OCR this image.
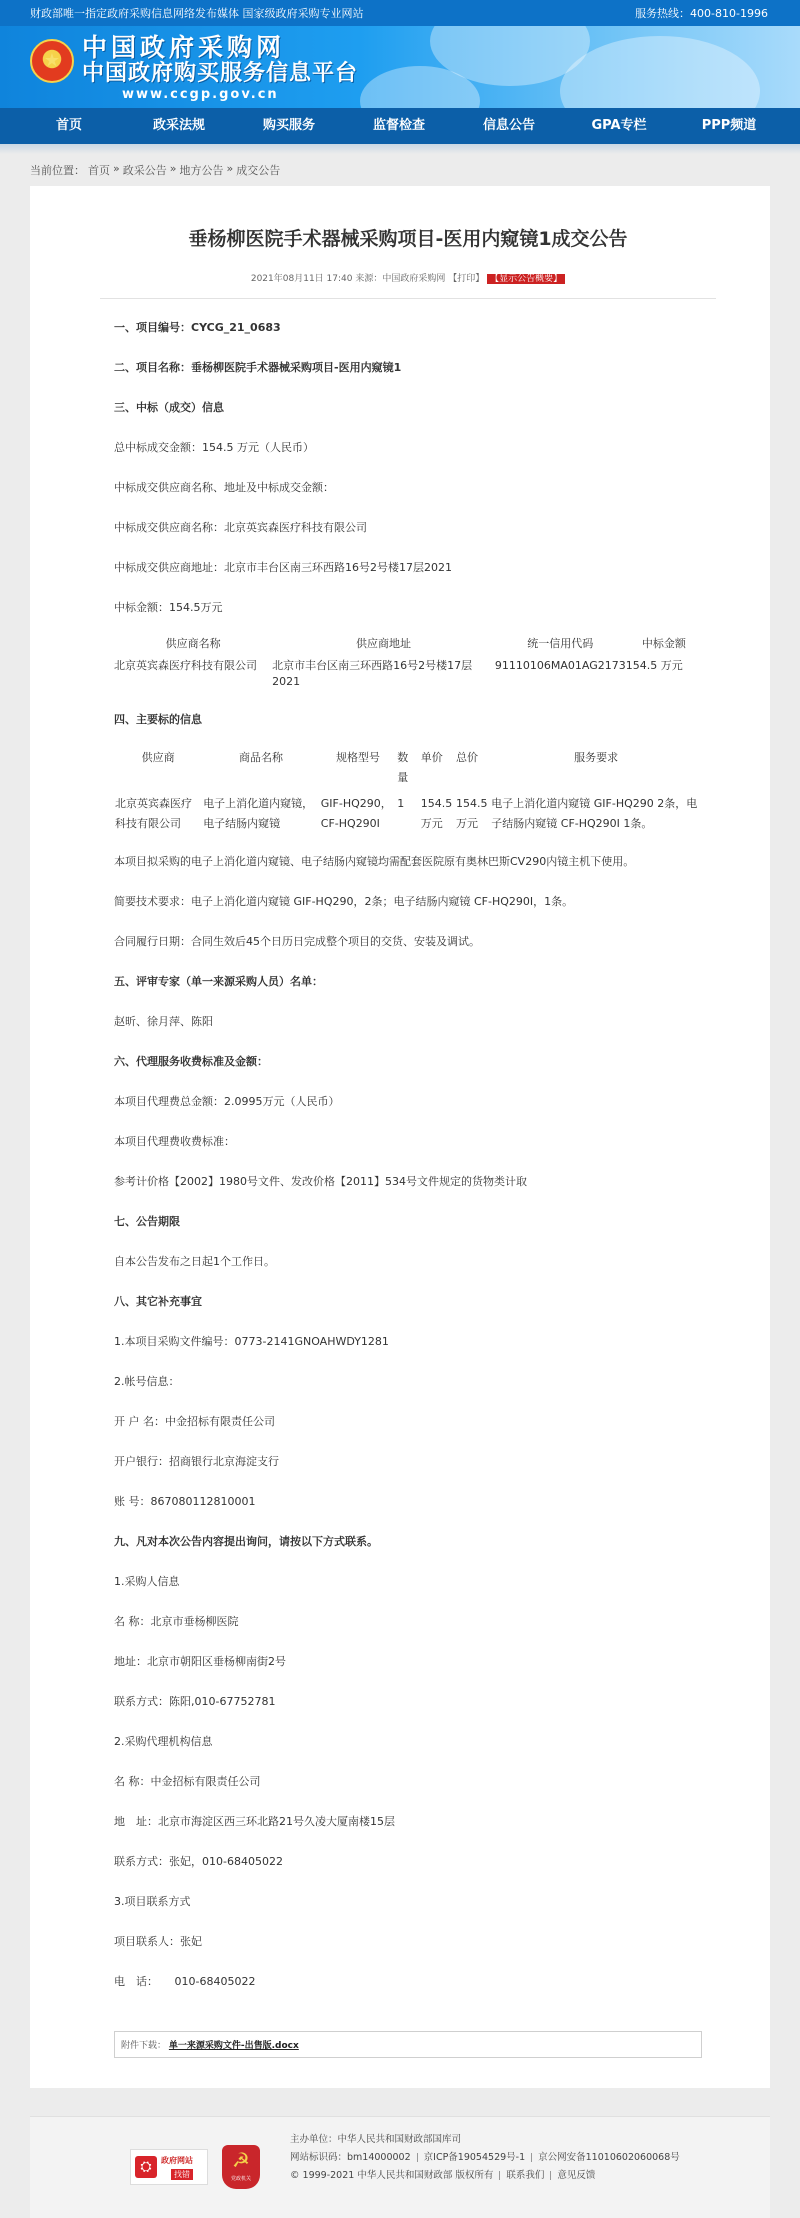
财政部唯一指定政府采购信息网络发布媒体 国家级政府采购专业网站	服务热线：400-810-1996
★ 中国政府采购网
中国政府购买服务信息平台
www.ccgp.gov.cn
首页	政采法规	购买服务	监督检查	信息公告	GPA专栏	PPP频道
当前位置： 首页 » 政采公告 » 地方公告 » 成交公告
垂杨柳医院手术器械采购项目-医用内窥镜1成交公告
2021年08月11日 17:40 来源：中国政府采购网 【打印】 【显示公告概要】

一、项目编号：CYCG_21_0683

二、项目名称：垂杨柳医院手术器械采购项目-医用内窥镜1

三、中标（成交）信息

总中标成交金额：154.5 万元（人民币）

中标成交供应商名称、地址及中标成交金额：

中标成交供应商名称：北京英宾森医疗科技有限公司

中标成交供应商地址：北京市丰台区南三环西路16号2号楼17层2021

中标金额：154.5万元

供应商名称	供应商地址	统一信用代码	中标金额
北京英宾森医疗科技有限公司	北京市丰台区南三环西路16号2号楼17层2021	91110106MA01AG2173	154.5 万元

四、主要标的信息

供应商	商品名称	规格型号	数量	单价	总价	服务要求
北京英宾森医疗科技有限公司	电子上消化道内窥镜，电子结肠内窥镜	GIF-HQ290，CF-HQ290I	1	154.5万元	154.5万元	电子上消化道内窥镜 GIF-HQ290 2条，电子结肠内窥镜 CF-HQ290I 1条。

本项目拟采购的电子上消化道内窥镜、电子结肠内窥镜均需配套医院原有奥林巴斯CV290内镜主机下使用。

简要技术要求：电子上消化道内窥镜 GIF-HQ290，2条；电子结肠内窥镜 CF-HQ290I，1条。

合同履行日期：合同生效后45个日历日完成整个项目的交货、安装及调试。

五、评审专家（单一来源采购人员）名单：

赵昕、徐月萍、陈阳

六、代理服务收费标准及金额：

本项目代理费总金额：2.0995万元（人民币）

本项目代理费收费标准：

参考计价格【2002】1980号文件、发改价格【2011】534号文件规定的货物类计取

七、公告期限

自本公告发布之日起1个工作日。

八、其它补充事宜

1.本项目采购文件编号：0773-2141GNOAHWDY1281

2.帐号信息：

开 户 名：中金招标有限责任公司

开户银行：招商银行北京海淀支行

账 号：867080112810001

九、凡对本次公告内容提出询问，请按以下方式联系。

1.采购人信息

名 称：北京市垂杨柳医院

地址：北京市朝阳区垂杨柳南街2号

联系方式：陈阳,010-67752781

2.采购代理机构信息

名 称：中金招标有限责任公司

地　址：北京市海淀区西三环北路21号久凌大厦南楼15层

联系方式：张妃，010-68405022

3.项目联系方式

项目联系人：张妃

电　话：　　010-68405022

附件下载： 单一来源采购文件-出售版.docx
⛭	政府网站
找错
☭
党政机关
主办单位：中华人民共和国财政部国库司
网站标识码：bm14000002 京ICP备19054529号-1 京公网安备11010602060068号
© 1999-2021 中华人民共和国财政部 版权所有 联系我们 意见反馈
